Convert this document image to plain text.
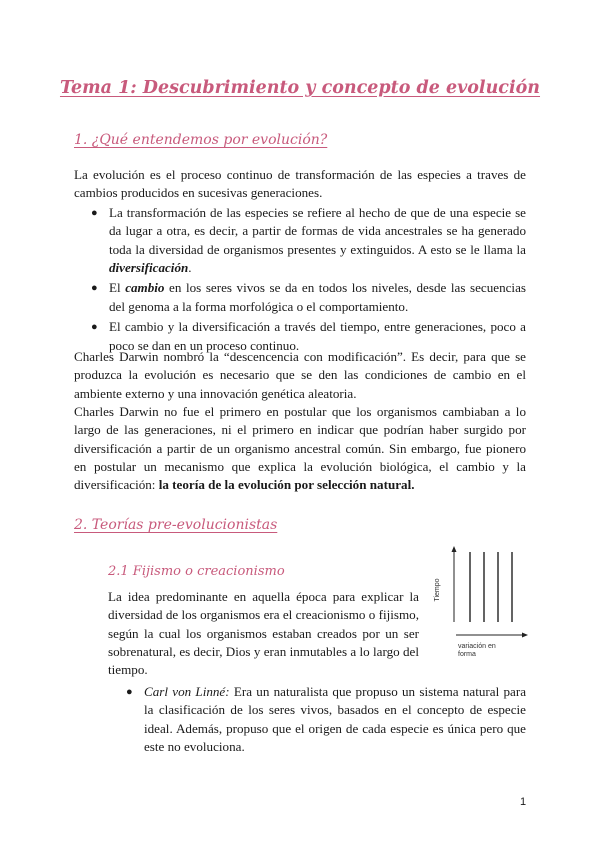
Tema 1: Descubrimiento y concepto de evolución
1. ¿Qué entendemos por evolución?

La evolución es el proceso continuo de transformación de las especies a traves de cambios producidos en sucesivas generaciones.

● La transformación de las especies se refiere al hecho de que de una especie se da lugar a otra, es decir, a partir de formas de vida ancestrales se ha generado toda la diversidad de organismos presentes y extinguidos. A esto se le llama la diversificación.
● El cambio en los seres vivos se da en todos los niveles, desde las secuencias del genoma a la forma morfológica o el comportamiento.
● El cambio y la diversificación a través del tiempo, entre generaciones, poco a poco se dan en un proceso continuo.

Charles Darwin nombró la “descencencia con modificación”. Es decir, para que se produzca la evolución es necesario que se den las condiciones de cambio en el ambiente externo y una innovación genética aleatoria.

Charles Darwin no fue el primero en postular que los organismos cambiaban a lo largo de las generaciones, ni el primero en indicar que podrían haber surgido por diversificación a partir de un organismo ancestral común. Sin embargo, fue pionero en postular un mecanismo que explica la evolución biológica, el cambio y la diversificación: la teoría de la evolución por selección natural.

2. Teorías pre-evolucionistas
2.1 Fijismo o creacionismo

La idea predominante en aquella época para explicar la diversidad de los organismos era el creacionismo o fijismo, según la cual los organismos estaban creados por un ser sobrenatural, es decir, Dios y eran inmutables a lo largo del tiempo.

Tiempo
variación en
forma
● Carl von Linné: Era un naturalista que propuso un sistema natural para la clasificación de los seres vivos, basados en el concepto de especie ideal. Además, propuso que el origen de cada especie es única pero que este no evoluciona.
1
